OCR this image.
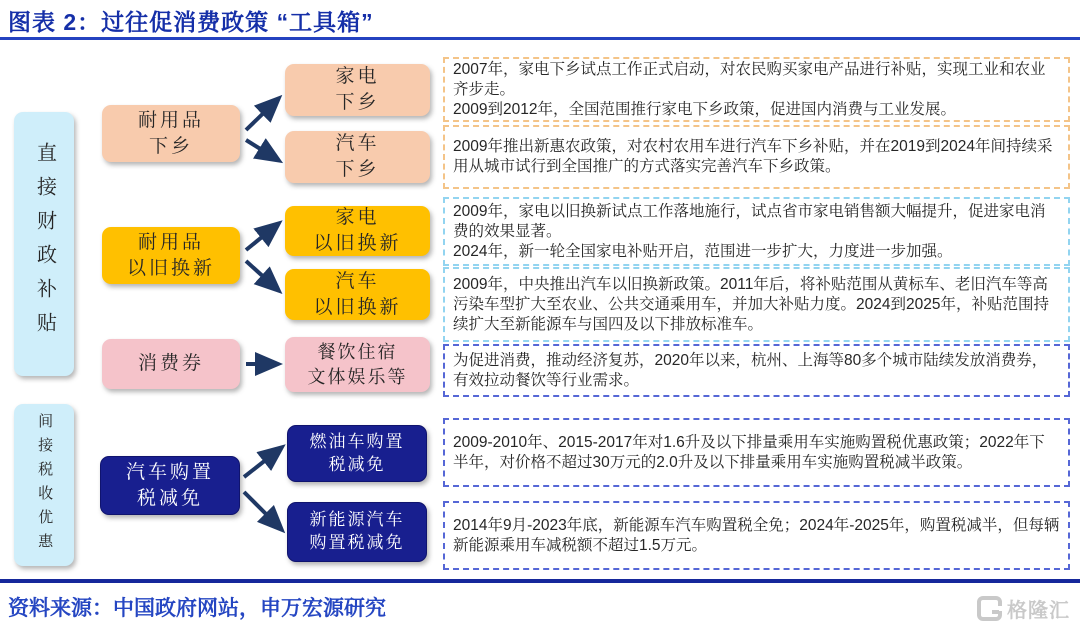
图表 2：过往促消费政策 “工具箱”
直接财政补贴
间接税收优惠
耐用品
下乡
耐用品
以旧换新
消费券
汽车购置
税减免
家电
下乡
汽车
下乡
家电
以旧换新
汽车
以旧换新
餐饮住宿
文体娱乐等
燃油车购置
税减免
新能源汽车
购置税减免
2007年，家电下乡试点工作正式启动，对农民购买家电产品进行补贴，实现工业和农业齐步走。
2009到2012年，全国范围推行家电下乡政策，促进国内消费与工业发展。
2009年推出新惠农政策，对农村农用车进行汽车下乡补贴，并在2019到2024年间持续采用从城市试行到全国推广的方式落实完善汽车下乡政策。
2009年，家电以旧换新试点工作落地施行，试点省市家电销售额大幅提升，促进家电消费的效果显著。
2024年，新一轮全国家电补贴开启，范围进一步扩大，力度进一步加强。
2009年，中央推出汽车以旧换新政策。2011年后，将补贴范围从黄标车、老旧汽车等高污染车型扩大至农业、公共交通乘用车，并加大补贴力度。2024到2025年，补贴范围持续扩大至新能源车与国四及以下排放标准车。
为促进消费，推动经济复苏，2020年以来，杭州、上海等80多个城市陆续发放消费券，有效拉动餐饮等行业需求。
2009-2010年、2015-2017年对1.6升及以下排量乘用车实施购置税优惠政策；2022年下半年，对价格不超过30万元的2.0升及以下排量乘用车实施购置税减半政策。
2014年9月-2023年底，新能源车汽车购置税全免；2024年-2025年，购置税减半，但每辆新能源乘用车减税额不超过1.5万元。
资料来源：中国政府网站，申万宏源研究	格隆汇
